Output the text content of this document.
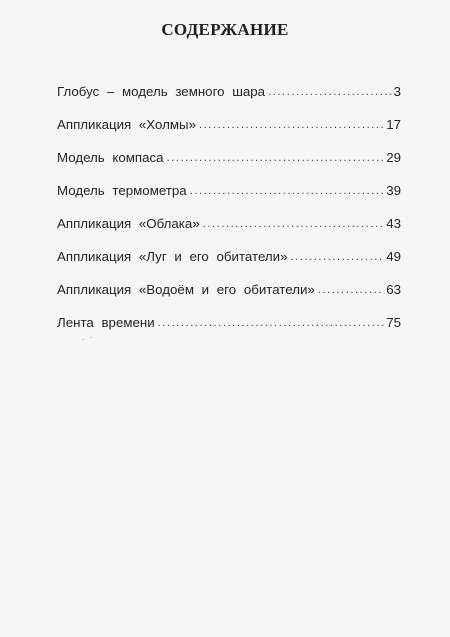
СОДЕРЖАНИЕ
Глобус – модель земного шара .....	3
Аппликация «Холмы» .....	17
Модель компаса .....	29
Модель термометра .....	39
Аппликация «Облака» .....	43
Аппликация «Луг и его обитатели» .....	49
Аппликация «Водоём и его обитатели» .....	63
Лента времени .....	75
